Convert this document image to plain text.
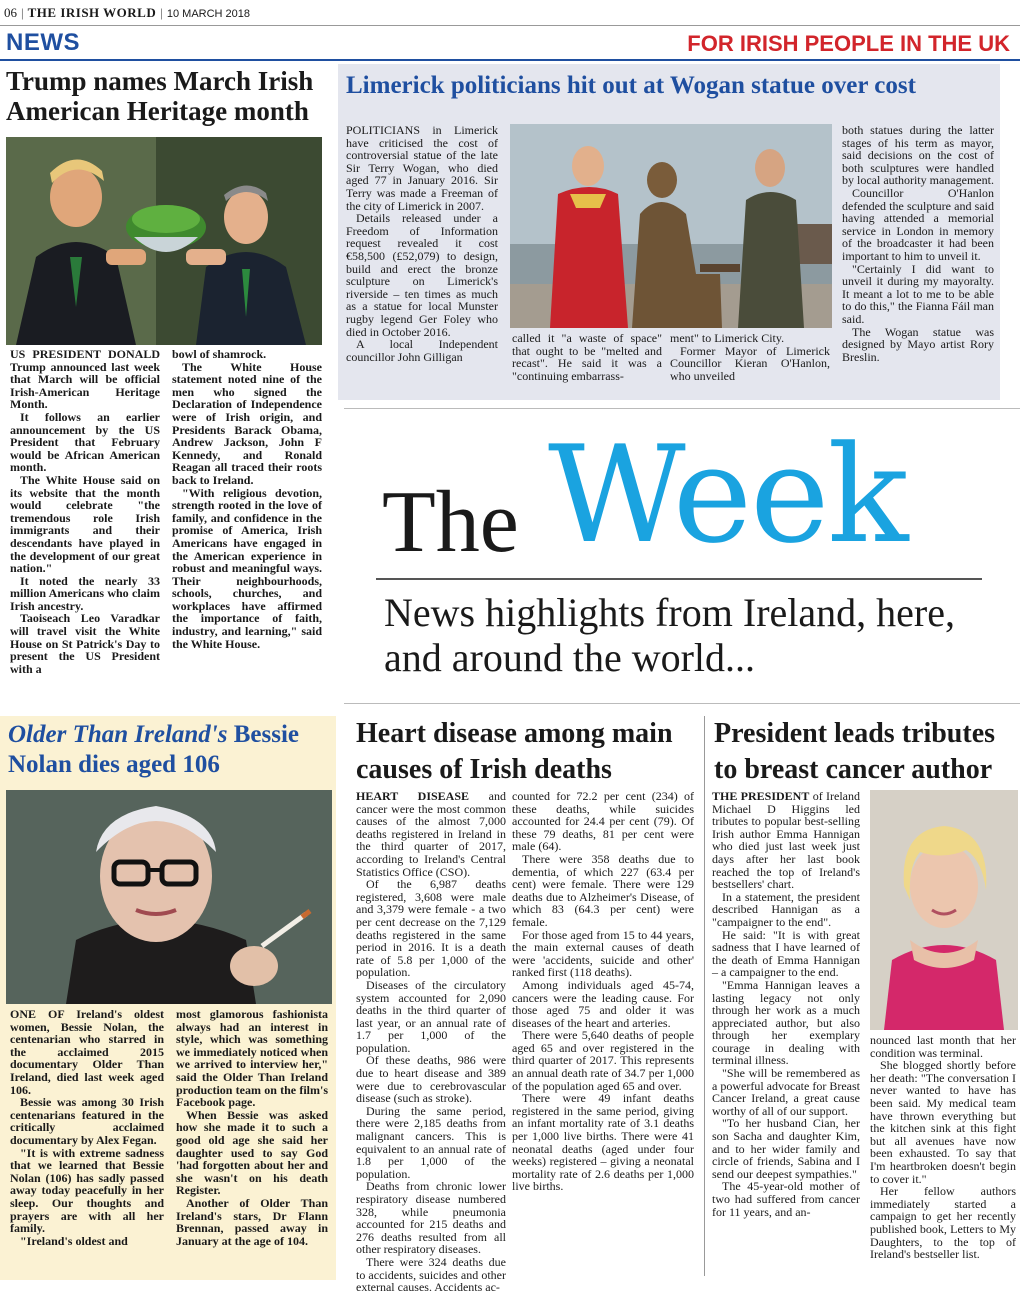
06 | THE IRISH WORLD | 10 MARCH 2018
NEWS	FOR IRISH PEOPLE IN THE UK
Trump names March Irish American Heritage month

US PRESIDENT DONALD Trump announced last week that March will be official Irish-American Heritage Month.

It follows an earlier announcement by the US President that February would be African American month.

The White House said on its website that the month would celebrate "the tremendous role Irish immigrants and their descendants have played in the development of our great nation."

It noted the nearly 33 million Americans who claim Irish ancestry.

Taoiseach Leo Varadkar will travel visit the White House on St Patrick's Day to present the US President with a

bowl of shamrock.

The White House statement noted nine of the men who signed the Declaration of Independence were of Irish origin, and Presidents Barack Obama, Andrew Jackson, John F Kennedy, and Ronald Reagan all traced their roots back to Ireland.

"With religious devotion, strength rooted in the love of family, and confidence in the promise of America, Irish Americans have engaged in the American experience in robust and meaningful ways. Their neighbourhoods, schools, churches, and workplaces have affirmed the importance of faith, industry, and learning," said the White House.

Limerick politicians hit out at Wogan statue over cost

POLITICIANS in Limerick have criticised the cost of controversial statue of the late Sir Terry Wogan, who died aged 77 in January 2016. Sir Terry was made a Freeman of the city of Limerick in 2007.

Details released under a Freedom of Information request revealed it cost €58,500 (£52,079) to design, build and erect the bronze sculpture on Limerick's riverside – ten times as much as a statue for local Munster rugby legend Ger Foley who died in October 2016.

A local Independent councillor John Gilligan

called it "a waste of space" that ought to be "melted and recast". He said it was a "continuing embarrass-

ment" to Limerick City.

Former Mayor of Limerick Councillor Kieran O'Hanlon, who unveiled

both statues during the latter stages of his term as mayor, said decisions on the cost of both sculptures were handled by local authority management.

Councillor O'Hanlon defended the sculpture and said having attended a memorial service in London in memory of the broadcaster it had been important to him to unveil it.

"Certainly I did want to unveil it during my mayoralty. It meant a lot to me to be able to do this," the Fianna Fáil man said.

The Wogan statue was designed by Mayo artist Rory Breslin.

The Week
News highlights from Ireland, here, and around the world...
Older Than Ireland's Bessie Nolan dies aged 106

ONE OF Ireland's oldest women, Bessie Nolan, the centenarian who starred in the acclaimed 2015 documentary Older Than Ireland, died last week aged 106.

Bessie was among 30 Irish centenarians featured in the critically acclaimed documentary by Alex Fegan.

"It is with extreme sadness that we learned that Bessie Nolan (106) has sadly passed away today peacefully in her sleep. Our thoughts and prayers are with all her family.

"Ireland's oldest and

most glamorous fashionista always had an interest in style, which was something we immediately noticed when we arrived to interview her," said the Older Than Ireland production team on the film's Facebook page.

When Bessie was asked how she made it to such a good old age she said her daughter used to say God 'had forgotten about her and she wasn't on his death Register.

Another of Older Than Ireland's stars, Dr Flann Brennan, passed away in January at the age of 104.

Heart disease among main causes of Irish deaths

HEART DISEASE and cancer were the most common causes of the almost 7,000 deaths registered in Ireland in the third quarter of 2017, according to Ireland's Central Statistics Office (CSO).

Of the 6,987 deaths registered, 3,608 were male and 3,379 were female - a two per cent decrease on the 7,129 deaths registered in the same period in 2016. It is a death rate of 5.8 per 1,000 of the population.

Diseases of the circulatory system accounted for 2,090 deaths in the third quarter of last year, or an annual rate of 1.7 per 1,000 of the population.

Of these deaths, 986 were due to heart disease and 389 were due to cerebrovascular disease (such as stroke).

During the same period, there were 2,185 deaths from malignant cancers. This is equivalent to an annual rate of 1.8 per 1,000 of the population.

Deaths from chronic lower respiratory disease numbered 328, while pneumonia accounted for 215 deaths and 276 deaths resulted from all other respiratory diseases.

There were 324 deaths due to accidents, suicides and other external causes. Accidents ac-

counted for 72.2 per cent (234) of these deaths, while suicides accounted for 24.4 per cent (79). Of these 79 deaths, 81 per cent were male (64).

There were 358 deaths due to dementia, of which 227 (63.4 per cent) were female. There were 129 deaths due to Alzheimer's Disease, of which 83 (64.3 per cent) were female.

For those aged from 15 to 44 years, the main external causes of death were 'accidents, suicide and other' ranked first (118 deaths).

Among individuals aged 45-74, cancers were the leading cause. For those aged 75 and older it was diseases of the heart and arteries.

There were 5,640 deaths of people aged 65 and over registered in the third quarter of 2017. This represents an annual death rate of 34.7 per 1,000 of the population aged 65 and over.

There were 49 infant deaths registered in the same period, giving an infant mortality rate of 3.1 deaths per 1,000 live births. There were 41 neonatal deaths (aged under four weeks) registered – giving a neonatal mortality rate of 2.6 deaths per 1,000 live births.

President leads tributes to breast cancer author

THE PRESIDENT of Ireland Michael D Higgins led tributes to popular best-selling Irish author Emma Hannigan who died just last week just days after her last book reached the top of Ireland's bestsellers' chart.

In a statement, the president described Hannigan as a "campaigner to the end".

He said: "It is with great sadness that I have learned of the death of Emma Hannigan – a campaigner to the end.

"Emma Hannigan leaves a lasting legacy not only through her work as a much appreciated author, but also through her exemplary courage in dealing with terminal illness.

"She will be remembered as a powerful advocate for Breast Cancer Ireland, a great cause worthy of all of our support.

"To her husband Cian, her son Sacha and daughter Kim, and to her wider family and circle of friends, Sabina and I send our deepest sympathies."

The 45-year-old mother of two had suffered from cancer for 11 years, and an-

nounced last month that her condition was terminal.

She blogged shortly before her death: "The conversation I never wanted to have has been said. My medical team have thrown everything but the kitchen sink at this fight but all avenues have now been exhausted. To say that I'm heartbroken doesn't begin to cover it."

Her fellow authors immediately started a campaign to get her recently published book, Letters to My Daughters, to the top of Ireland's bestseller list.
